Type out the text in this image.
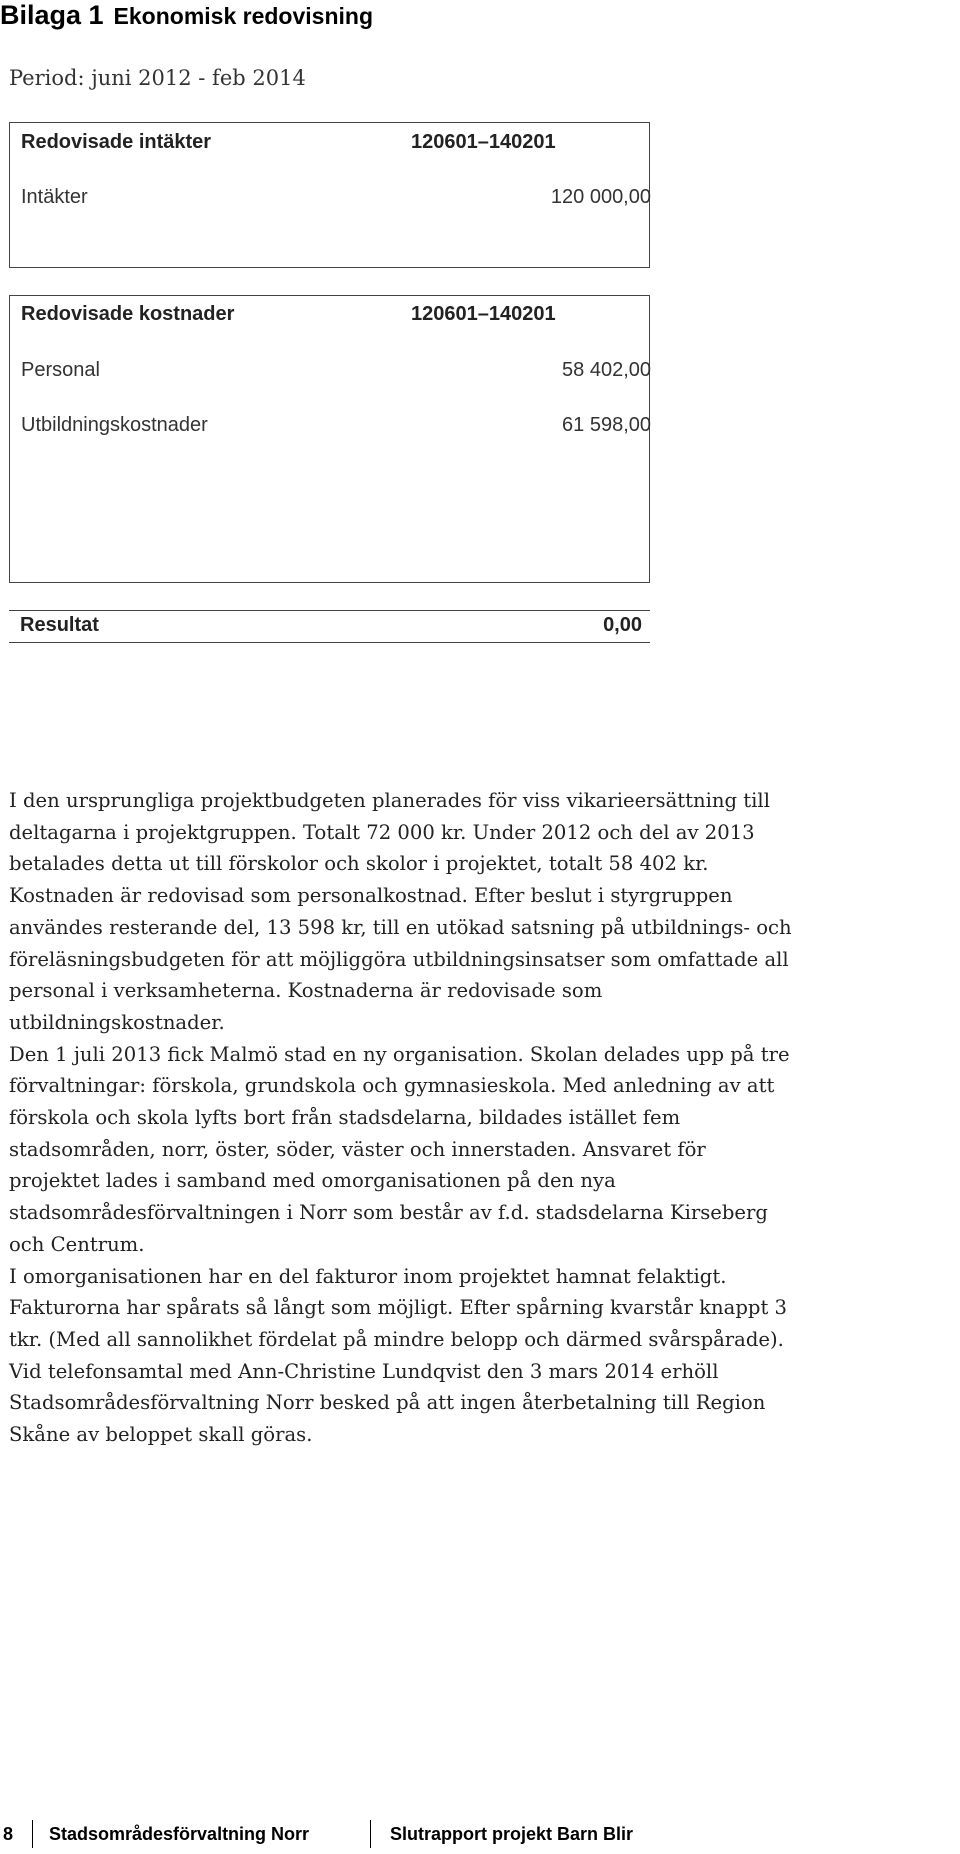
Bilaga 1 Ekonomisk redovisning
Period: juni 2012 - feb 2014
Redovisade intäkter	120601–140201
Intäkter	120 000,00
Redovisade kostnader	120601–140201
Personal	58 402,00
Utbildningskostnader	61 598,00
Resultat	0,00

I den ursprungliga projektbudgeten planerades för viss vikarieersättning till

deltagarna i projektgruppen. Totalt 72 000 kr. Under 2012 och del av 2013

betalades detta ut till förskolor och skolor i projektet, totalt 58 402 kr.

Kostnaden är redovisad som personalkostnad. Efter beslut i styrgruppen

användes resterande del, 13 598 kr, till en utökad satsning på utbildnings- och

föreläsningsbudgeten för att möjliggöra utbildningsinsatser som omfattade all

personal i verksamheterna. Kostnaderna är redovisade som

utbildningskostnader.

Den 1 juli 2013 fick Malmö stad en ny organisation. Skolan delades upp på tre

förvaltningar: förskola, grundskola och gymnasieskola. Med anledning av att

förskola och skola lyfts bort från stadsdelarna, bildades istället fem

stadsområden, norr, öster, söder, väster och innerstaden. Ansvaret för

projektet lades i samband med omorganisationen på den nya

stadsområdesförvaltningen i Norr som består av f.d. stadsdelarna Kirseberg

och Centrum.

I omorganisationen har en del fakturor inom projektet hamnat felaktigt.

Fakturorna har spårats så långt som möjligt. Efter spårning kvarstår knappt 3

tkr. (Med all sannolikhet fördelat på mindre belopp och därmed svårspårade).

Vid telefonsamtal med Ann-Christine Lundqvist den 3 mars 2014 erhöll

Stadsområdesförvaltning Norr besked på att ingen återbetalning till Region

Skåne av beloppet skall göras.

8 Stadsområdesförvaltning Norr	Slutrapport projekt Barn Blir
